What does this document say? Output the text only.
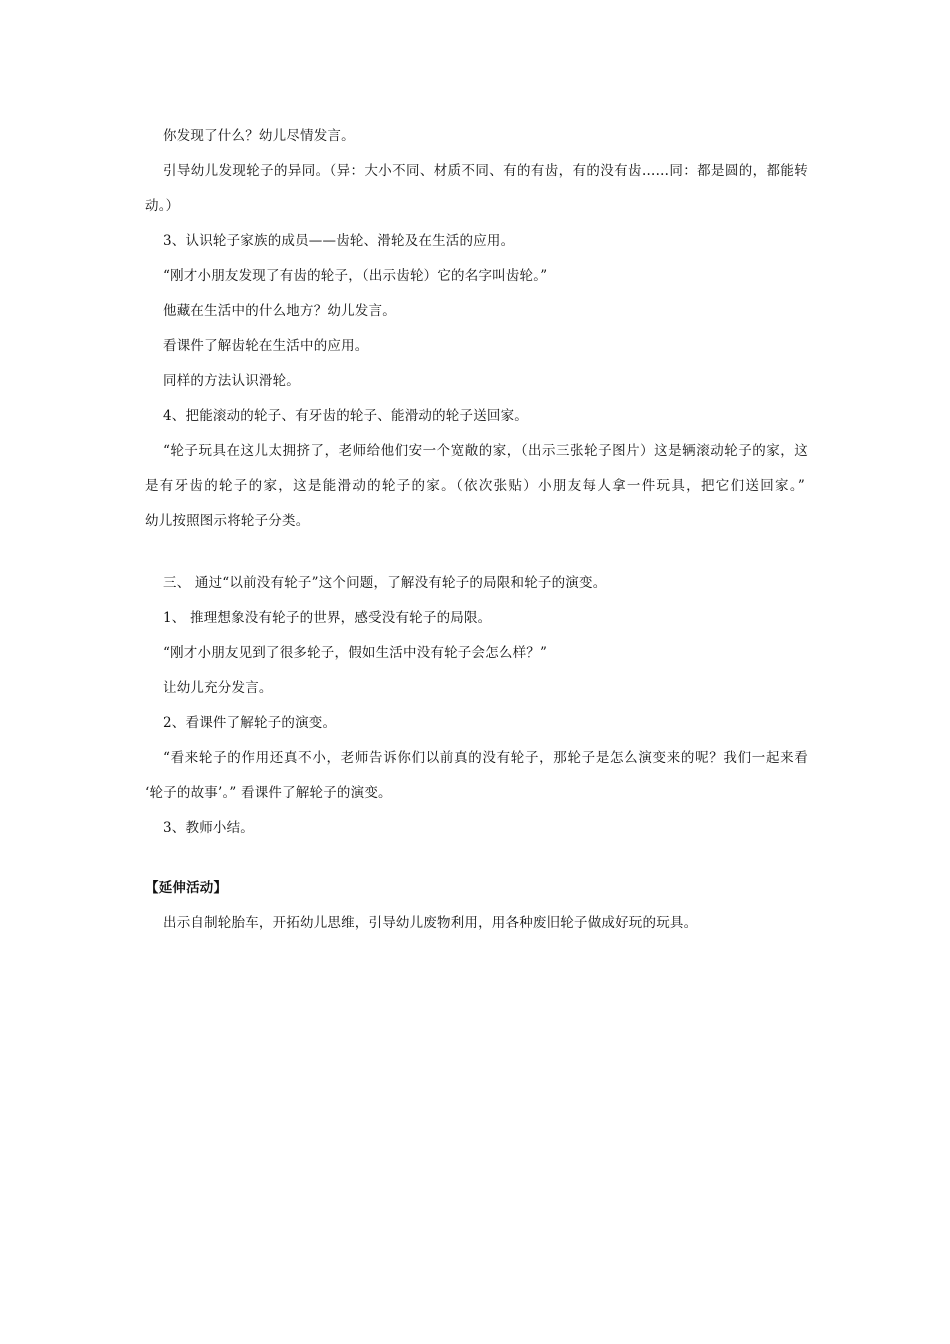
你发现了什么？幼儿尽情发言。
引导幼儿发现轮子的异同。（异：大小不同、材质不同、有的有齿，有的没有齿……同：都是圆的，都能转
动。）
3、认识轮子家族的成员——齿轮、滑轮及在生活的应用。
“刚才小朋友发现了有齿的轮子，（出示齿轮）它的名字叫齿轮。”
他藏在生活中的什么地方？幼儿发言。
看课件了解齿轮在生活中的应用。
同样的方法认识滑轮。
4、把能滚动的轮子、有牙齿的轮子、能滑动的轮子送回家。
“轮子玩具在这儿太拥挤了，老师给他们安一个宽敞的家，（出示三张轮子图片）这是辆滚动轮子的家，这
是有牙齿的轮子的家，这是能滑动的轮子的家。（依次张贴）小朋友每人拿一件玩具，把它们送回家。”
幼儿按照图示将轮子分类。
三、 通过“以前没有轮子”这个问题，了解没有轮子的局限和轮子的演变。
1、 推理想象没有轮子的世界，感受没有轮子的局限。
“刚才小朋友见到了很多轮子，假如生活中没有轮子会怎么样？”
让幼儿充分发言。
2、看课件了解轮子的演变。
“看来轮子的作用还真不小，老师告诉你们以前真的没有轮子，那轮子是怎么演变来的呢？我们一起来看
‘轮子的故事’。” 看课件了解轮子的演变。
3、教师小结。
【延伸活动】
出示自制轮胎车，开拓幼儿思维，引导幼儿废物利用，用各种废旧轮子做成好玩的玩具。
